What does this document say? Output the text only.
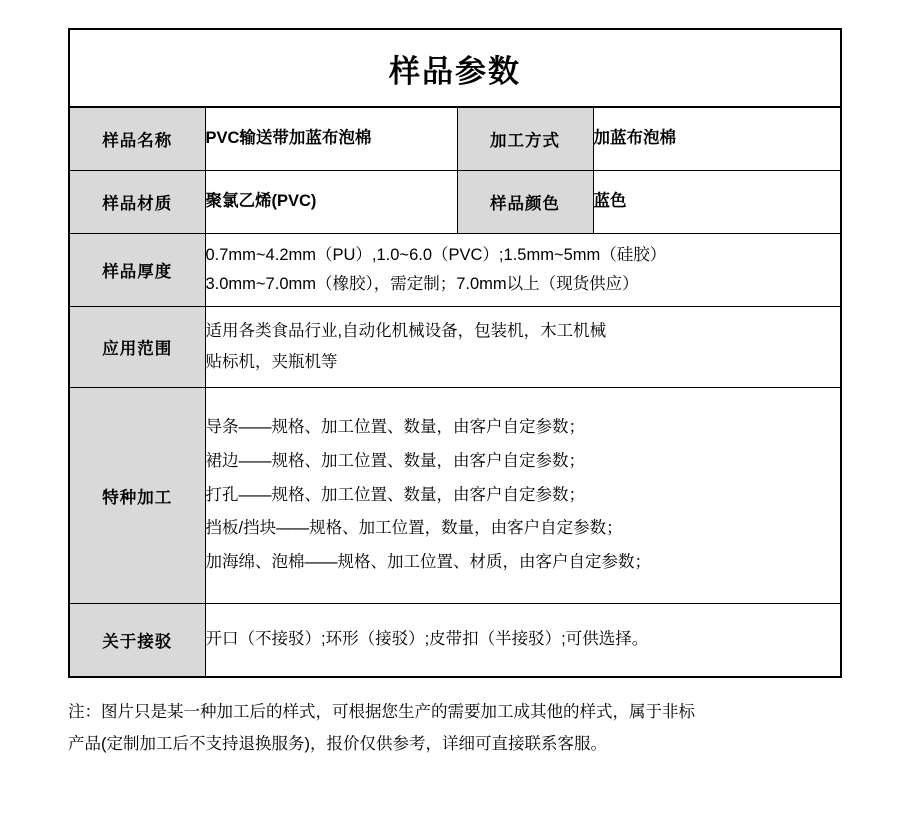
样品参数			
样品名称	PVC输送带加蓝布泡棉	加工方式	加蓝布泡棉
样品材质	聚氯乙烯(PVC)	样品颜色	蓝色
样品厚度	0.7mm~4.2mm（PU）,1.0~6.0（PVC）;1.5mm~5mm（硅胶）
3.0mm~7.0mm（橡胶），需定制；7.0mm以上（现货供应）		

应用范围	适用各类食品行业,自动化机械设备，包装机，木工机械
贴标机，夹瓶机等		

特种加工	导条——规格、加工位置、数量，由客户自定参数；
裙边——规格、加工位置、数量，由客户自定参数；
打孔——规格、加工位置、数量，由客户自定参数；
挡板/挡块——规格、加工位置，数量，由客户自定参数；
加海绵、泡棉——规格、加工位置、材质，由客户自定参数；		

关于接驳	开口（不接驳）;环形（接驳）;皮带扣（半接驳）;可供选择。		
注：图片只是某一种加工后的样式，可根据您生产的需要加工成其他的样式，属于非标
产品(定制加工后不支持退换服务)，报价仅供参考，详细可直接联系客服。
